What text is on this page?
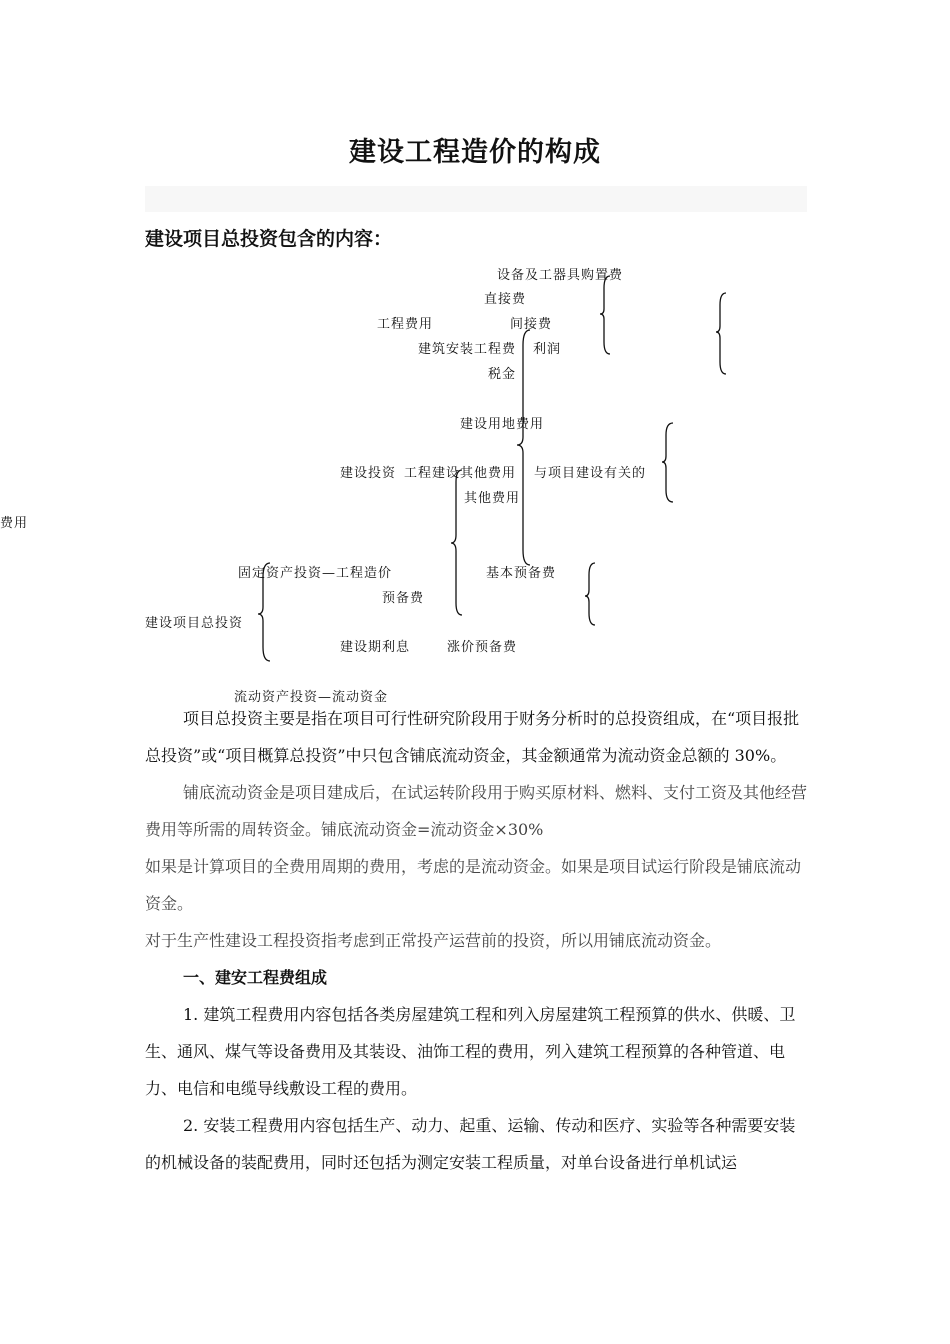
建设工程造价的构成
建设项目总投资包含的内容：
设备及工器具购置费
直接费
工程费用	间接费
建筑安装工程费 利润
税金
建设用地费用
建设投资 工程建设其他费用 与项目建设有关的
其他费用
费用
固定资产投资—工程造价	基本预备费
预备费
建设项目总投资
建设期利息	涨价预备费
流动资产投资—流动资金

项目总投资主要是指在项目可行性研究阶段用于财务分析时的总投资组成，在“项目报批总投资”或“项目概算总投资”中只包含铺底流动资金，其金额通常为流动资金总额的 30%。

铺底流动资金是项目建成后，在试运转阶段用于购买原材料、燃料、支付工资及其他经营费用等所需的周转资金。铺底流动资金=流动资金×30%

如果是计算项目的全费用周期的费用，考虑的是流动资金。如果是项目试运行阶段是铺底流动资金。

对于生产性建设工程投资指考虑到正常投产运营前的投资，所以用铺底流动资金。

一、建安工程费组成

1. 建筑工程费用内容包括各类房屋建筑工程和列入房屋建筑工程预算的供水、供暖、卫生、通风、煤气等设备费用及其装设、油饰工程的费用，列入建筑工程预算的各种管道、电力、电信和电缆导线敷设工程的费用。

2. 安装工程费用内容包括生产、动力、起重、运输、传动和医疗、实验等各种需要安装的机械设备的装配费用，同时还包括为测定安装工程质量，对单台设备进行单机试运
